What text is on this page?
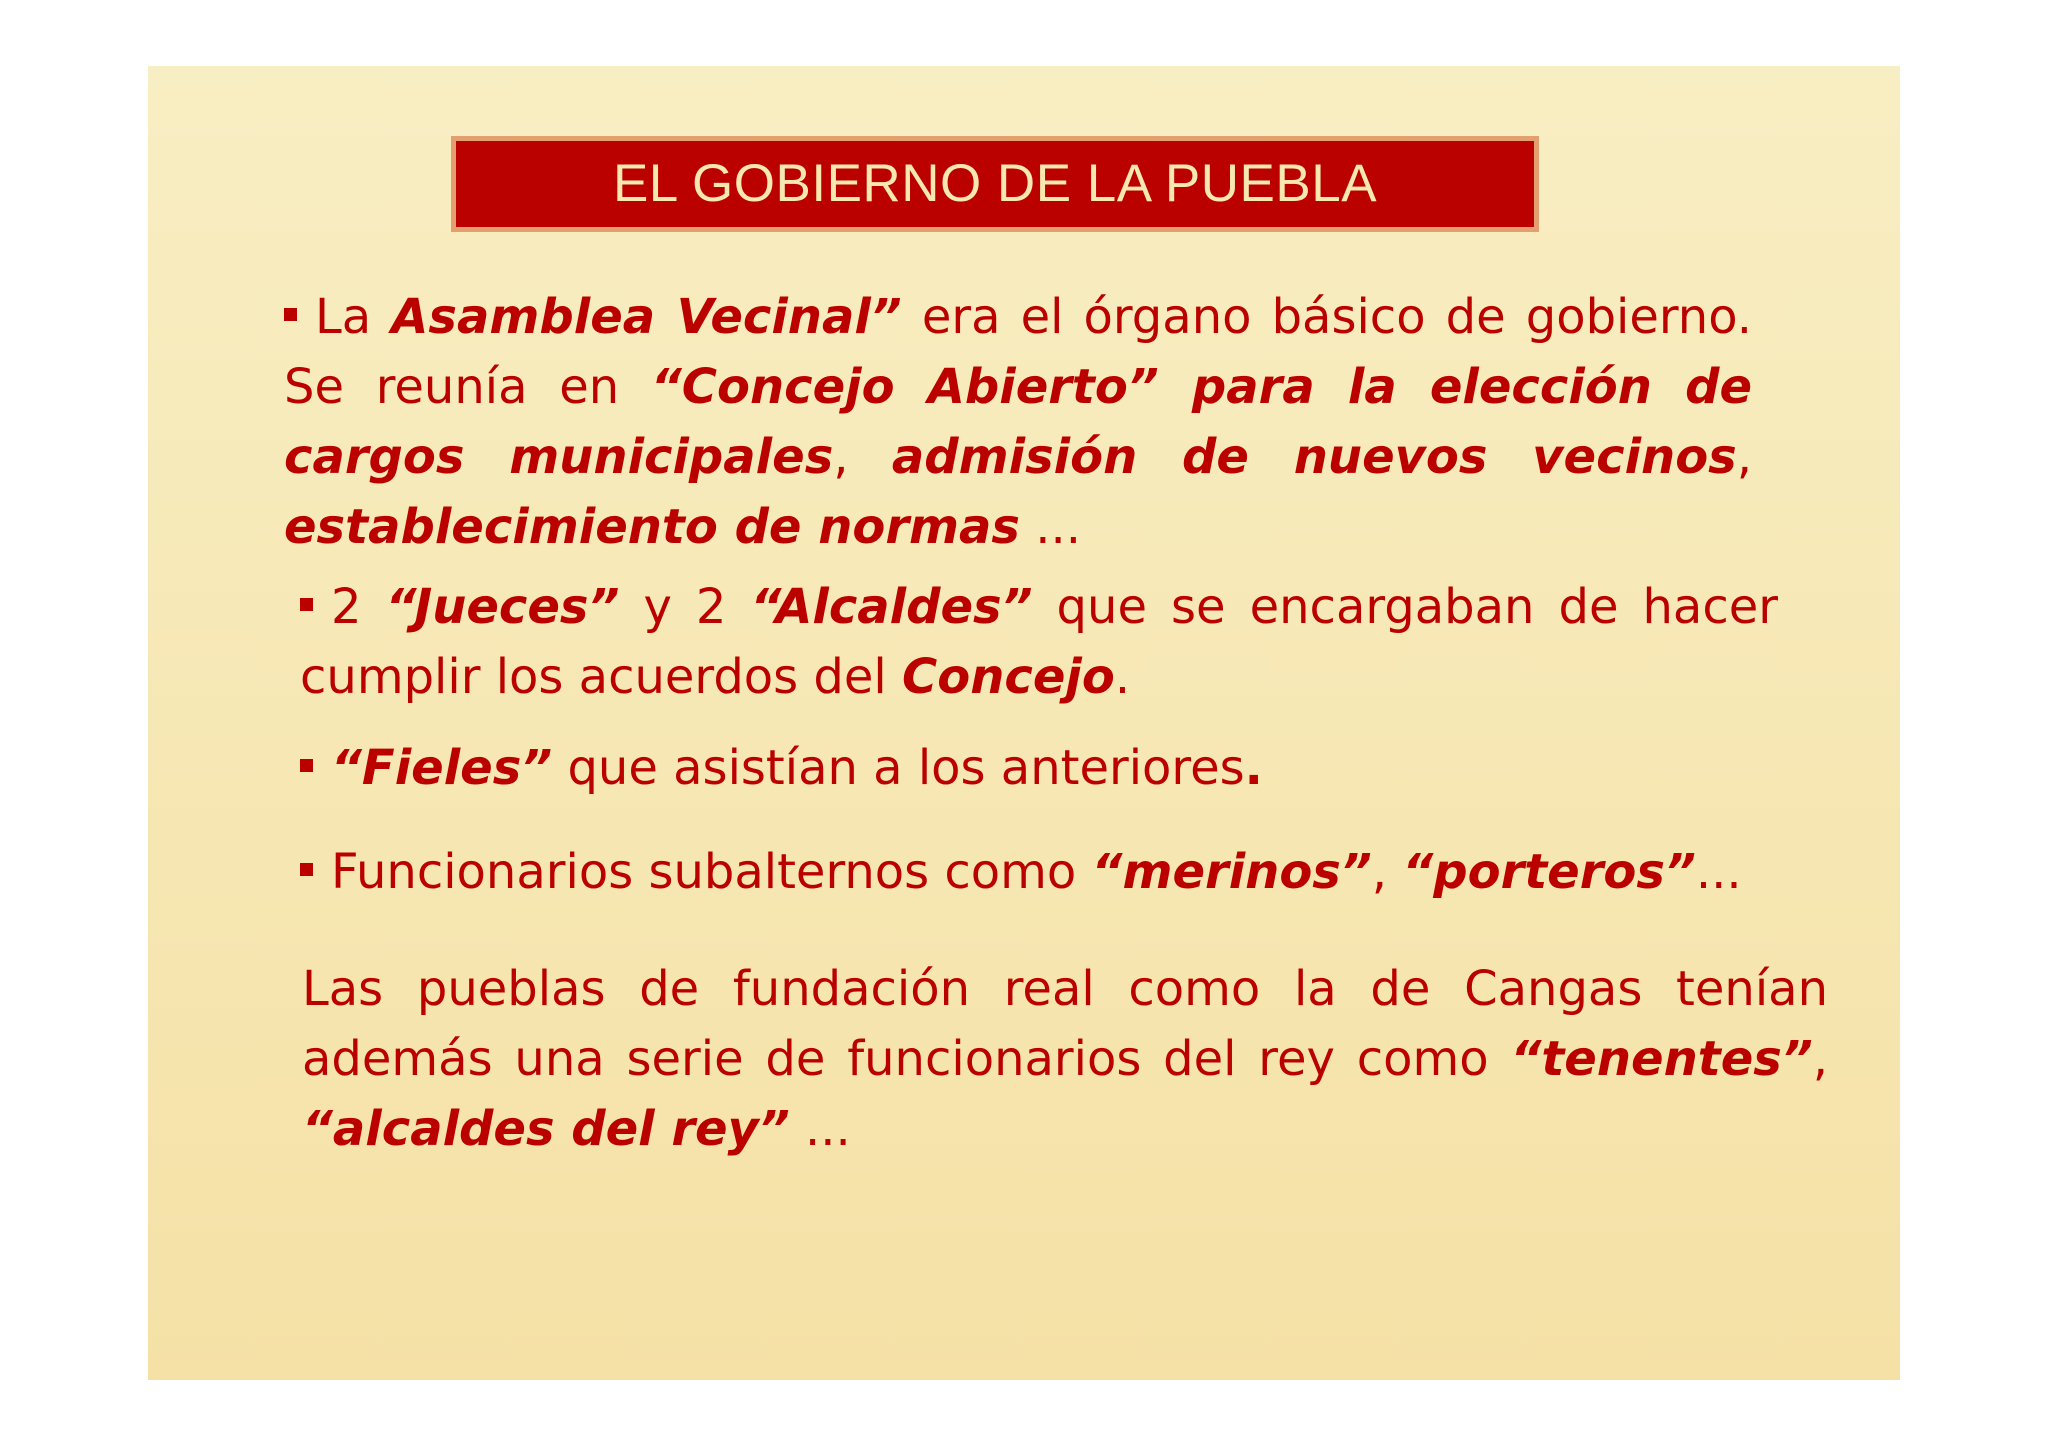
EL GOBIERNO DE LA PUEBLA
La Asamblea Vecinal” era el órgano básico de gobierno. Se reunía en “Concejo Abierto” para la elección de cargos municipales, admisión de nuevos vecinos, establecimiento de normas ...
2 “Jueces” y 2 “Alcaldes” que se encargaban de hacer cumplir los acuerdos del Concejo.
“Fieles” que asistían a los anteriores.
Funcionarios subalternos como “merinos”, “porteros”...
Las pueblas de fundación real como la de Cangas tenían además una serie de funcionarios del rey como “tenentes”, “alcaldes del rey” ...
